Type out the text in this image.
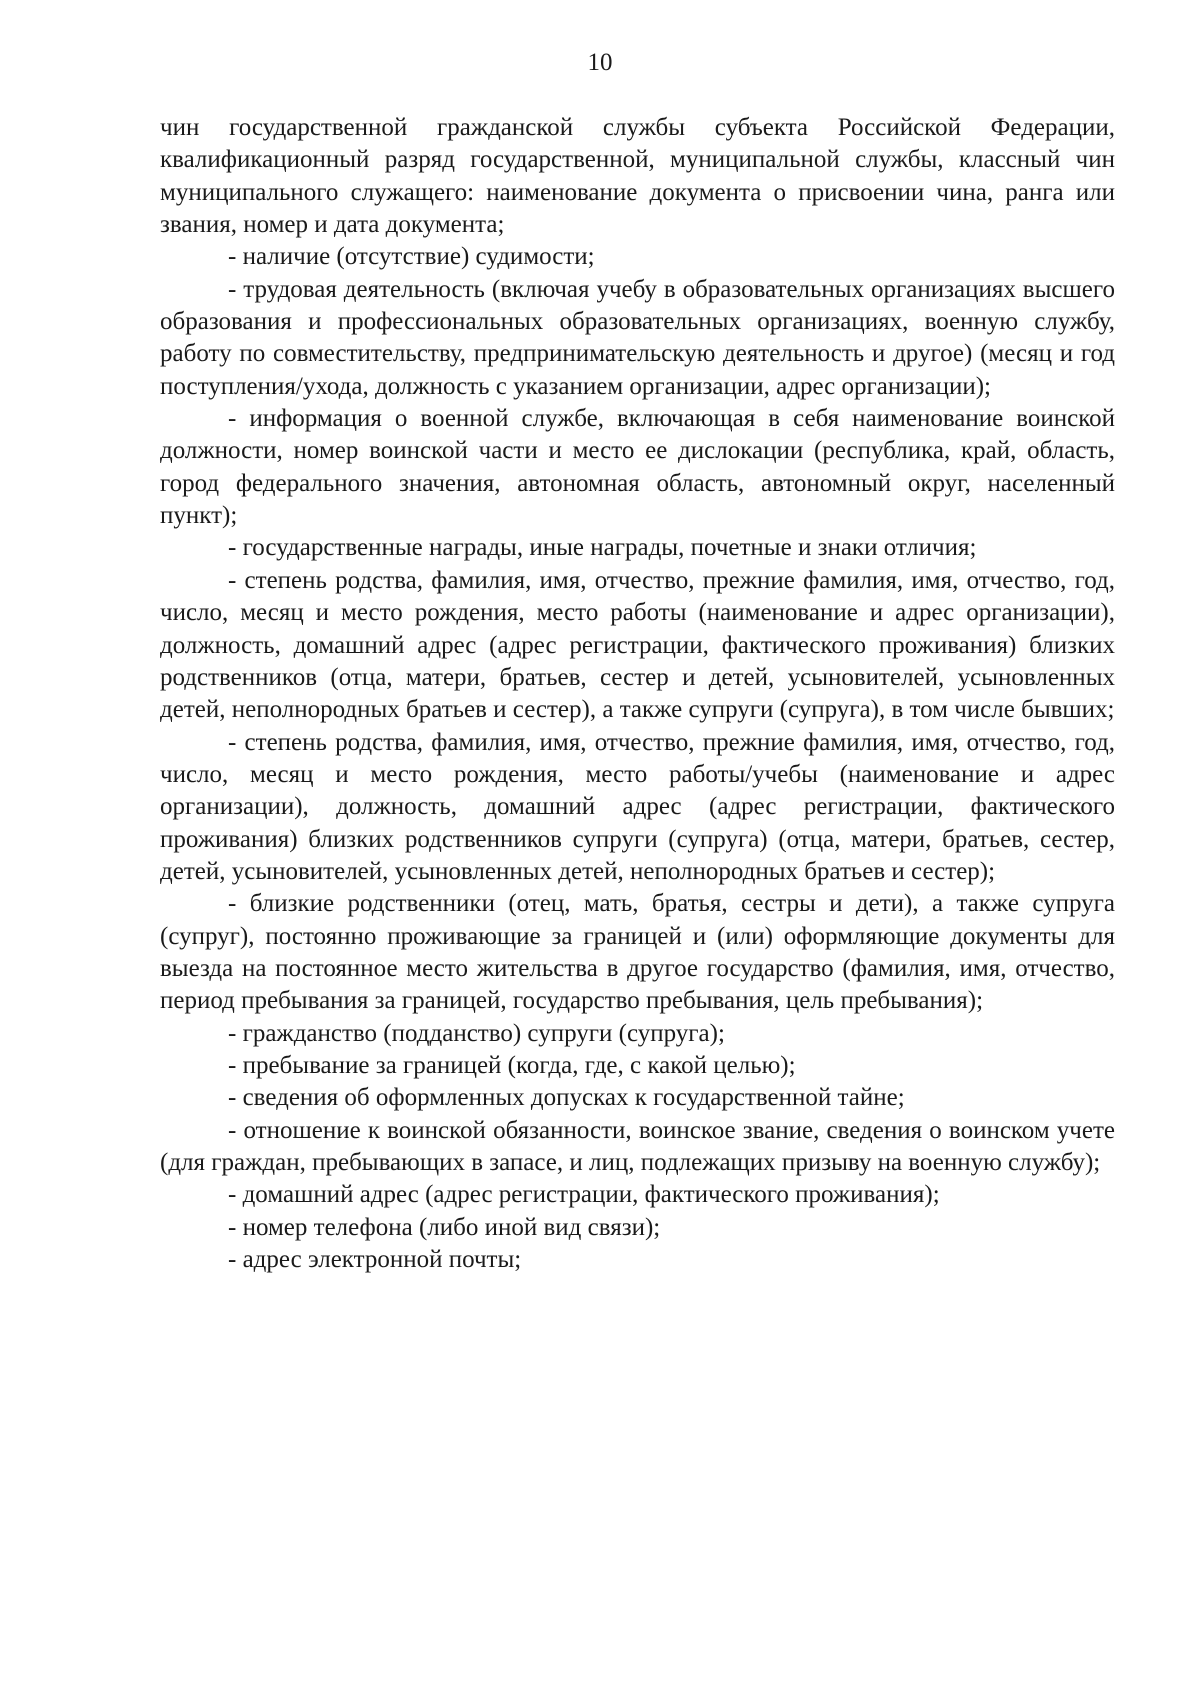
10

чин государственной гражданской службы субъекта Российской Федерации, квалификационный разряд государственной, муниципальной службы, классный чин муниципального служащего: наименование документа о присвоении чина, ранга или звания, номер и дата документа;

- наличие (отсутствие) судимости;

- трудовая деятельность (включая учебу в образовательных организациях высшего образования и профессиональных образовательных организациях, военную службу, работу по совместительству, предпринимательскую деятельность и другое) (месяц и год поступления/ухода, должность с указанием организации, адрес организации);

- информация о военной службе, включающая в себя наименование воинской должности, номер воинской части и место ее дислокации (республика, край, область, город федерального значения, автономная область, автономный округ, населенный пункт);

- государственные награды, иные награды, почетные и знаки отличия;

- степень родства, фамилия, имя, отчество, прежние фамилия, имя, отчество, год, число, месяц и место рождения, место работы (наименование и адрес организации), должность, домашний адрес (адрес регистрации, фактического проживания) близких родственников (отца, матери, братьев, сестер и детей, усыновителей, усыновленных детей, неполнородных братьев и сестер), а также супруги (супруга), в том числе бывших;

- степень родства, фамилия, имя, отчество, прежние фамилия, имя, отчество, год, число, месяц и место рождения, место работы/учебы (наименование и адрес организации), должность, домашний адрес (адрес регистрации, фактического проживания) близких родственников супруги (супруга) (отца, матери, братьев, сестер, детей, усыновителей, усыновленных детей, неполнородных братьев и сестер);

- близкие родственники (отец, мать, братья, сестры и дети), а также супруга (супруг), постоянно проживающие за границей и (или) оформляющие документы для выезда на постоянное место жительства в другое государство (фамилия, имя, отчество, период пребывания за границей, государство пребывания, цель пребывания);

- гражданство (подданство) супруги (супруга);

- пребывание за границей (когда, где, с какой целью);

- сведения об оформленных допусках к государственной тайне;

- отношение к воинской обязанности, воинское звание, сведения о воинском учете (для граждан, пребывающих в запасе, и лиц, подлежащих призыву на военную службу);

- домашний адрес (адрес регистрации, фактического проживания);

- номер телефона (либо иной вид связи);

- адрес электронной почты;
